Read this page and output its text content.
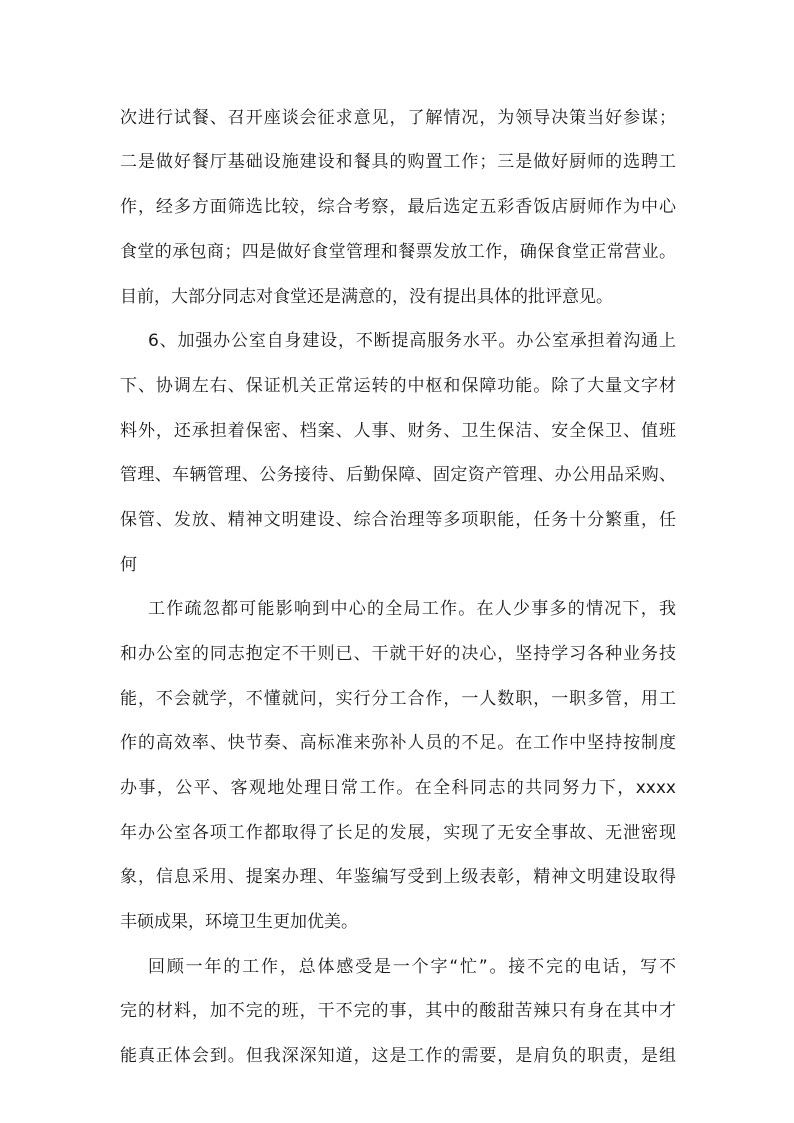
次进行试餐、召开座谈会征求意见，了解情况，为领导决策当好参谋；
二是做好餐厅基础设施建设和餐具的购置工作；三是做好厨师的选聘工
作，经多方面筛选比较，综合考察，最后选定五彩香饭店厨师作为中心
食堂的承包商；四是做好食堂管理和餐票发放工作，确保食堂正常营业。
目前，大部分同志对食堂还是满意的，没有提出具体的批评意见。
6、加强办公室自身建设，不断提高服务水平。办公室承担着沟通上
下、协调左右、保证机关正常运转的中枢和保障功能。除了大量文字材
料外，还承担着保密、档案、人事、财务、卫生保洁、安全保卫、值班
管理、车辆管理、公务接待、后勤保障、固定资产管理、办公用品采购、
保管、发放、精神文明建设、综合治理等多项职能，任务十分繁重，任
何
工作疏忽都可能影响到中心的全局工作。在人少事多的情况下，我
和办公室的同志抱定不干则已、干就干好的决心，坚持学习各种业务技
能，不会就学，不懂就问，实行分工合作，一人数职，一职多管，用工
作的高效率、快节奏、高标准来弥补人员的不足。在工作中坚持按制度
办事，公平、客观地处理日常工作。在全科同志的共同努力下，xxxx
年办公室各项工作都取得了长足的发展，实现了无安全事故、无泄密现
象，信息采用、提案办理、年鉴编写受到上级表彰，精神文明建设取得
丰硕成果，环境卫生更加优美。
回顾一年的工作，总体感受是一个字“忙”。接不完的电话，写不
完的材料，加不完的班，干不完的事，其中的酸甜苦辣只有身在其中才
能真正体会到。但我深深知道，这是工作的需要，是肩负的职责，是组
